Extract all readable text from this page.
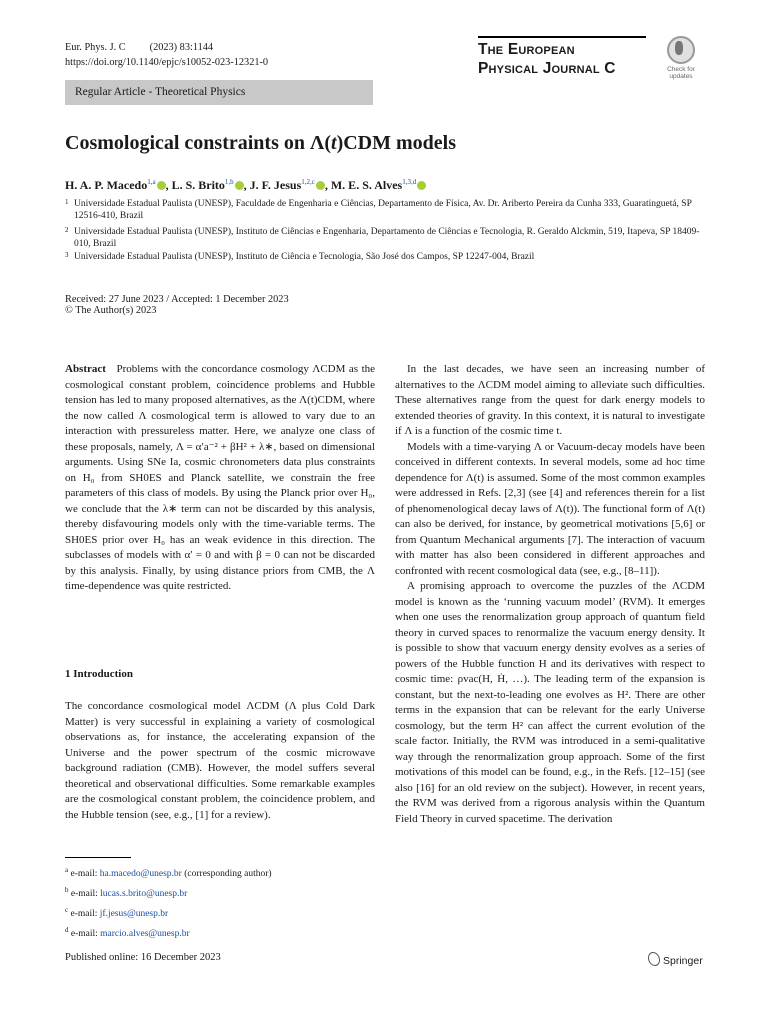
Eur. Phys. J. C (2023) 83:1144
https://doi.org/10.1140/epjc/s10052-023-12321-0
The European
Physical Journal C	Check for
updates
Regular Article - Theoretical Physics
Cosmological constraints on Λ(t)CDM models
H. A. P. Macedo$^{1,a}$ , L. S. Brito$^{1,b}$ , J. F. Jesus$^{1,2,c}$ , M. E. S. Alves$^{1,3,d}$
1 Universidade Estadual Paulista (UNESP), Faculdade de Engenharia e Ciências, Departamento de Física, Av. Dr. Ariberto Pereira da Cunha 333, Guaratinguetá, SP 12516-410, Brazil
2 Universidade Estadual Paulista (UNESP), Instituto de Ciências e Engenharia, Departamento de Ciências e Tecnologia, R. Geraldo Alckmin, 519, Itapeva, SP 18409-010, Brazil
3 Universidade Estadual Paulista (UNESP), Instituto de Ciência e Tecnologia, São José dos Campos, SP 12247-004, Brazil
Received: 27 June 2023 / Accepted: 1 December 2023
© The Author(s) 2023

Abstract Problems with the concordance cosmology ΛCDM as the cosmological constant problem, coincidence problems and Hubble tension has led to many proposed alternatives, as the Λ(t)CDM, where the now called Λ cosmological term is allowed to vary due to an interaction with pressureless matter. Here, we analyze one class of these proposals, namely, Λ = α′a⁻² + βH² + λ∗, based on dimensional arguments. Using SNe Ia, cosmic chronometers data plus constraints on H₀ from SH0ES and Planck satellite, we constrain the free parameters of this class of models. By using the Planck prior over H₀, we conclude that the λ∗ term can not be discarded by this analysis, thereby disfavouring models only with the time-variable terms. The SH0ES prior over H₀ has an weak evidence in this direction. The subclasses of models with α′ = 0 and with β = 0 can not be discarded by this analysis. Finally, by using distance priors from CMB, the Λ time-dependence was quite restricted.

1 Introduction
The concordance cosmological model ΛCDM (Λ plus Cold Dark Matter) is very successful in explaining a variety of cosmological observations as, for instance, the accelerating expansion of the Universe and the power spectrum of the cosmic microwave background radiation (CMB). However, the model suffers several theoretical and observational difficulties. Some remarkable examples are the cosmological constant problem, the coincidence problem, and the Hubble tension (see, e.g., [1] for a review).
$^a$ e-mail: ha.macedo@unesp.br (corresponding author)
$^b$ e-mail: lucas.s.brito@unesp.br
$^c$ e-mail: jf.jesus@unesp.br
$^d$ e-mail: marcio.alves@unesp.br

In the last decades, we have seen an increasing number of alternatives to the ΛCDM model aiming to alleviate such difficulties. These alternatives range from the quest for dark energy models to extended theories of gravity. In this context, it is natural to investigate if Λ is a function of the cosmic time t.

Models with a time-varying Λ or Vacuum-decay models have been conceived in different contexts. In several models, some ad hoc time dependence for Λ(t) is assumed. Some of the most common examples were addressed in Refs. [2,3] (see [4] and references therein for a list of phenomenological decay laws of Λ(t)). The functional form of Λ(t) can also be derived, for instance, by geometrical motivations [5,6] or from Quantum Mechanical arguments [7]. The interaction of vacuum with matter has also been considered in different approaches and confronted with recent cosmological data (see, e.g., [8–11]).

A promising approach to overcome the puzzles of the ΛCDM model is known as the ‘running vacuum model’ (RVM). It emerges when one uses the renormalization group approach of quantum field theory in curved spaces to renormalize the vacuum energy density. It is possible to show that vacuum energy density evolves as a series of powers of the Hubble function H and its derivatives with respect to cosmic time: ρvac(H, Ḣ, …). The leading term of the expansion is constant, but the next-to-leading one evolves as H². There are other terms in the expansion that can be relevant for the early Universe cosmology, but the term H² can affect the current evolution of the scale factor. Initially, the RVM was introduced in a semi-qualitative way through the renormalization group approach. Some of the first motivations of this model can be found, e.g., in the Refs. [12–15] (see also [16] for an old review on the subject). However, in recent years, the RVM was derived from a rigorous analysis within the Quantum Field Theory in curved spacetime. The derivation

Published online: 16 December 2023	Springer
